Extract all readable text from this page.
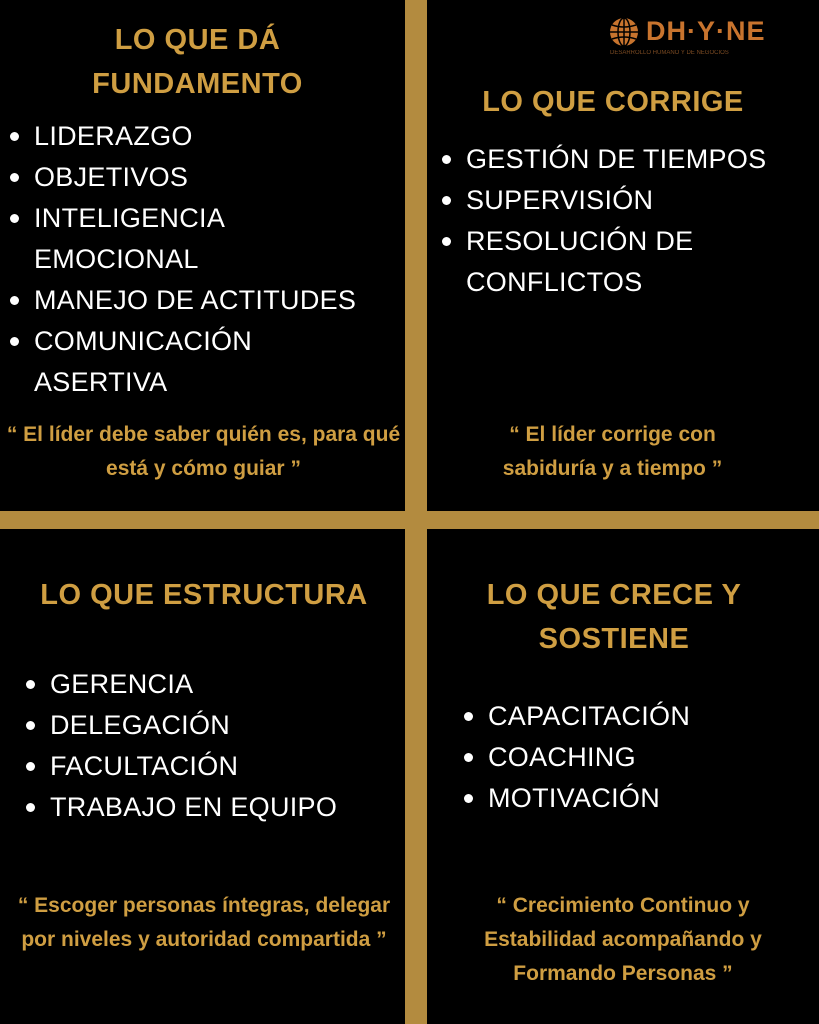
DH·Y·NE
DESARROLLO HUMANO Y DE NEGOCIOS
LO QUE DÁ FUNDAMENTO
LIDERAZGO
OBJETIVOS
INTELIGENCIA EMOCIONAL
MANEJO DE ACTITUDES
COMUNICACIÓN ASERTIVA

“ El líder debe saber quién es, para qué está y cómo guiar ”

LO QUE CORRIGE
GESTIÓN DE TIEMPOS
SUPERVISIÓN
RESOLUCIÓN DE CONFLICTOS

“ El líder corrige con sabiduría y a tiempo ”

LO QUE ESTRUCTURA
GERENCIA
DELEGACIÓN
FACULTACIÓN
TRABAJO EN EQUIPO

“ Escoger personas íntegras, delegar por niveles y autoridad compartida ”

LO QUE CRECE Y SOSTIENE
CAPACITACIÓN
COACHING
MOTIVACIÓN

“ Crecimiento Continuo y Estabilidad acompañando y Formando Personas ”
